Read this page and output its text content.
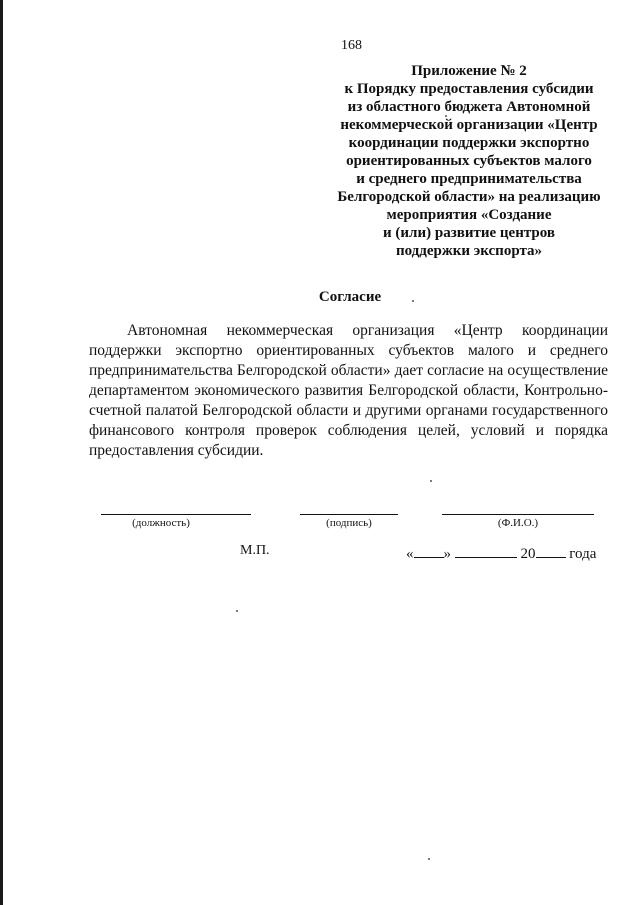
168
Приложение № 2
к Порядку предоставления субсидии
из областного бюджета Автономной
некоммерческой организации «Центр
координации поддержки экспортно
ориентированных субъектов малого
и среднего предпринимательства
Белгородской области» на реализацию
мероприятия «Создание
и (или) развитие центров
поддержки экспорта»
Согласие
Автономная некоммерческая организация «Центр координации
поддержки экспортно ориентированных субъектов малого и среднего
предпринимательства Белгородской области» дает согласие на осуществление
департаментом экономического развития Белгородской области, Контрольно-
счетной палатой Белгородской области и другими органами государственного
финансового контроля проверок соблюдения целей, условий и порядка
предоставления субсидии.
(должность)	(подпись)	(Ф.И.О.)
М.П.	« »	20 года
